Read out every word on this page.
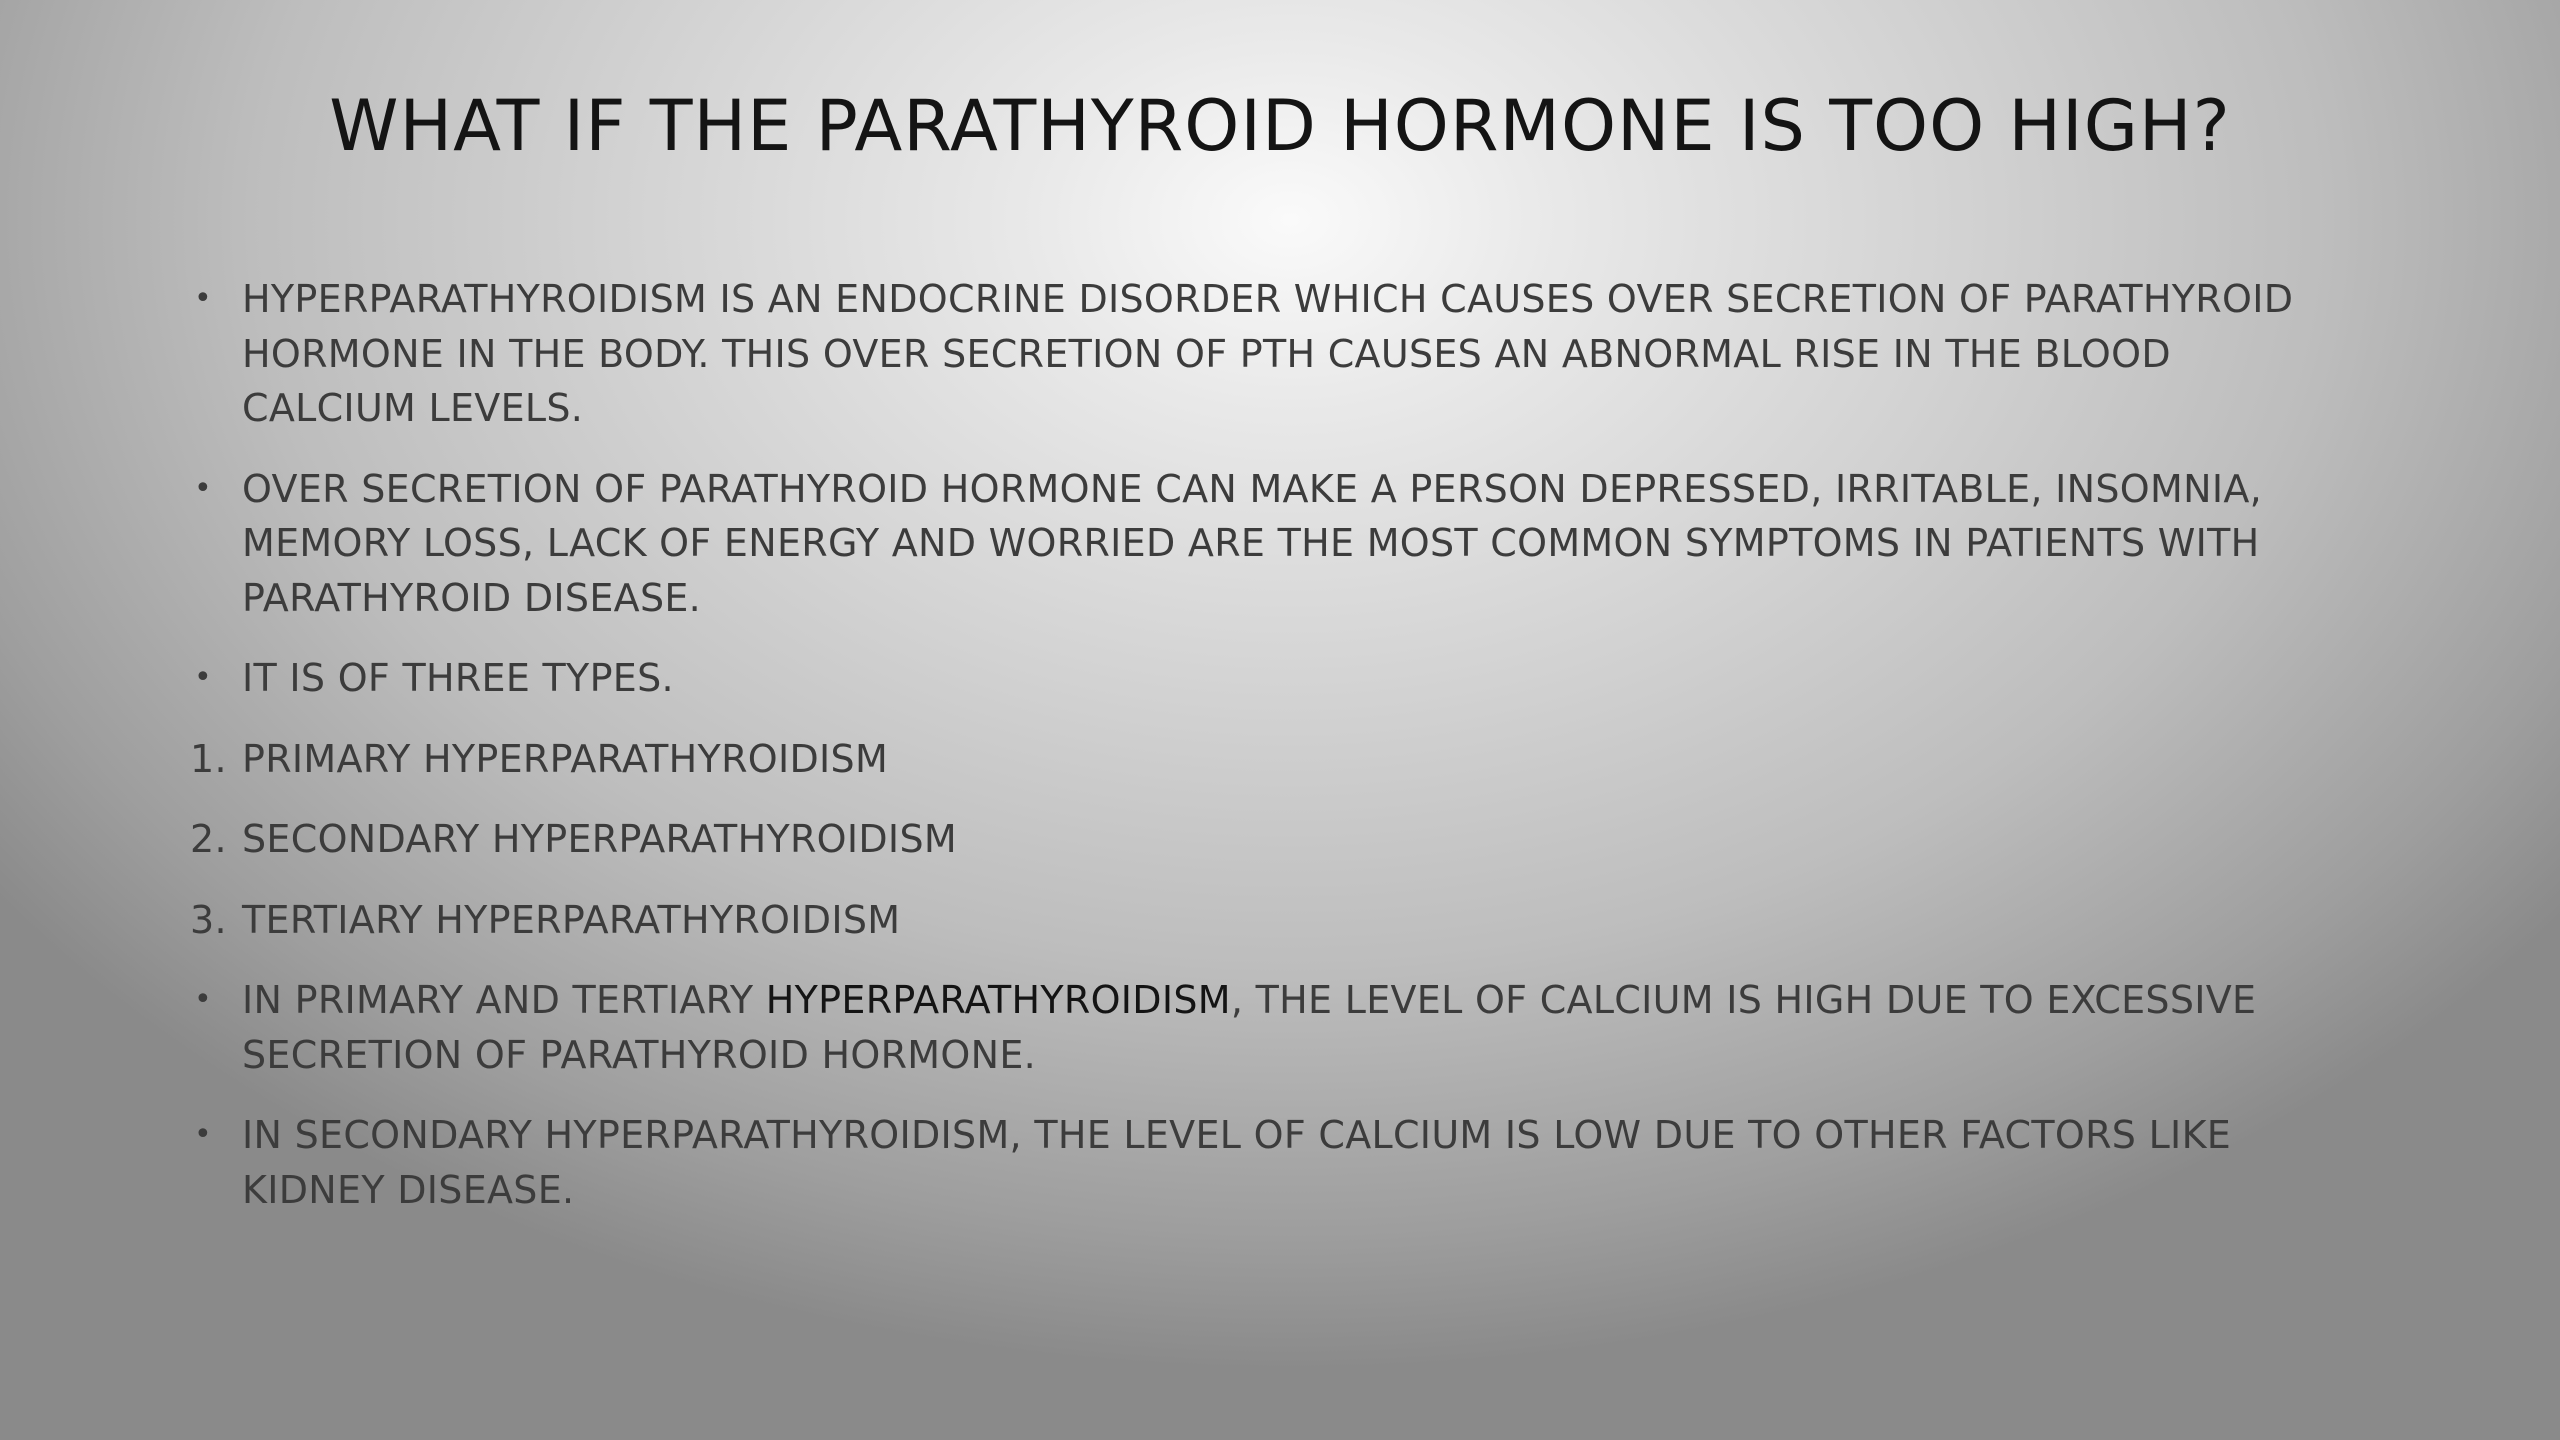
WHAT IF THE PARATHYROID HORMONE IS TOO HIGH?
• HYPERPARATHYROIDISM IS AN ENDOCRINE DISORDER WHICH CAUSES OVER SECRETION OF PARATHYROID HORMONE IN THE BODY. THIS OVER SECRETION OF PTH CAUSES AN ABNORMAL RISE IN THE BLOOD CALCIUM LEVELS.
• OVER SECRETION OF PARATHYROID HORMONE CAN MAKE A PERSON DEPRESSED, IRRITABLE, INSOMNIA, MEMORY LOSS, LACK OF ENERGY AND WORRIED ARE THE MOST COMMON SYMPTOMS IN PATIENTS WITH PARATHYROID DISEASE.
• IT IS OF THREE TYPES.
1. PRIMARY HYPERPARATHYROIDISM
2. SECONDARY HYPERPARATHYROIDISM
3. TERTIARY HYPERPARATHYROIDISM
• IN PRIMARY AND TERTIARY HYPERPARATHYROIDISM, THE LEVEL OF CALCIUM IS HIGH DUE TO EXCESSIVE SECRETION OF PARATHYROID HORMONE.
• IN SECONDARY HYPERPARATHYROIDISM, THE LEVEL OF CALCIUM IS LOW DUE TO OTHER FACTORS LIKE KIDNEY DISEASE.
